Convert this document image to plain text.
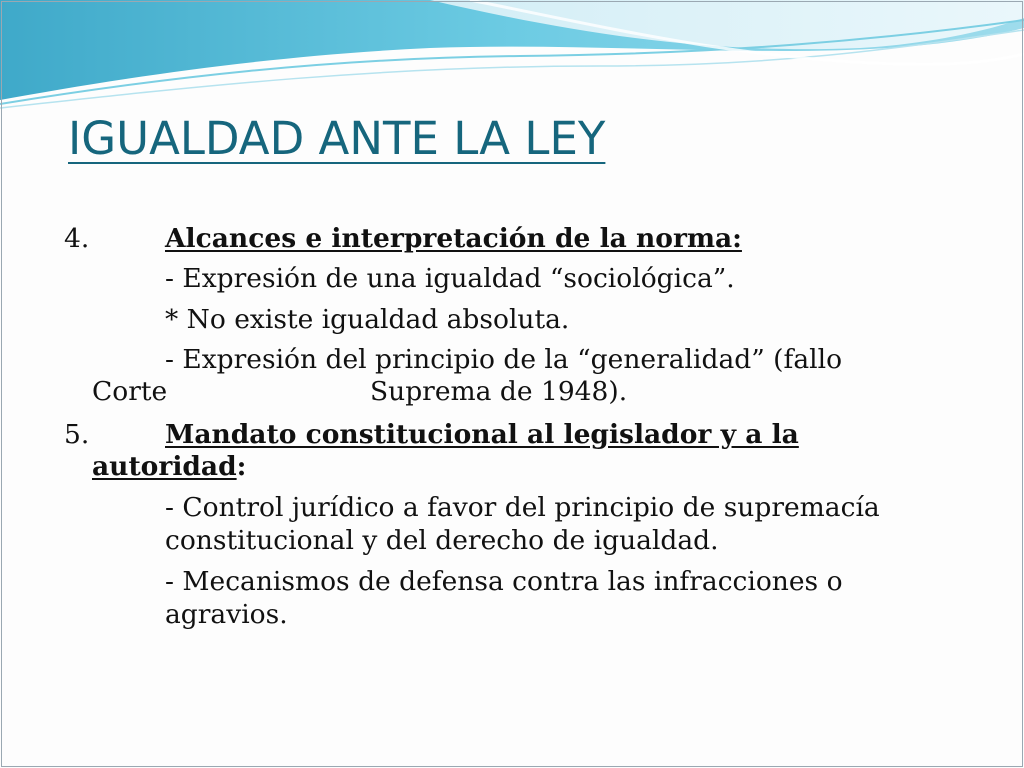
IGUALDAD ANTE LA LEY

4.	Alcances e interpretación de la norma:

- Expresión de una igualdad “sociológica”.

* No existe igualdad absoluta.

- Expresión del principio de la “generalidad” (fallo

Corte	Suprema de 1948).

5.	Mandato constitucional al legislador y a la

autoridad:

- Control jurídico a favor del principio de supremacía

constitucional y del derecho de igualdad.

- Mecanismos de defensa contra las infracciones o

agravios.
